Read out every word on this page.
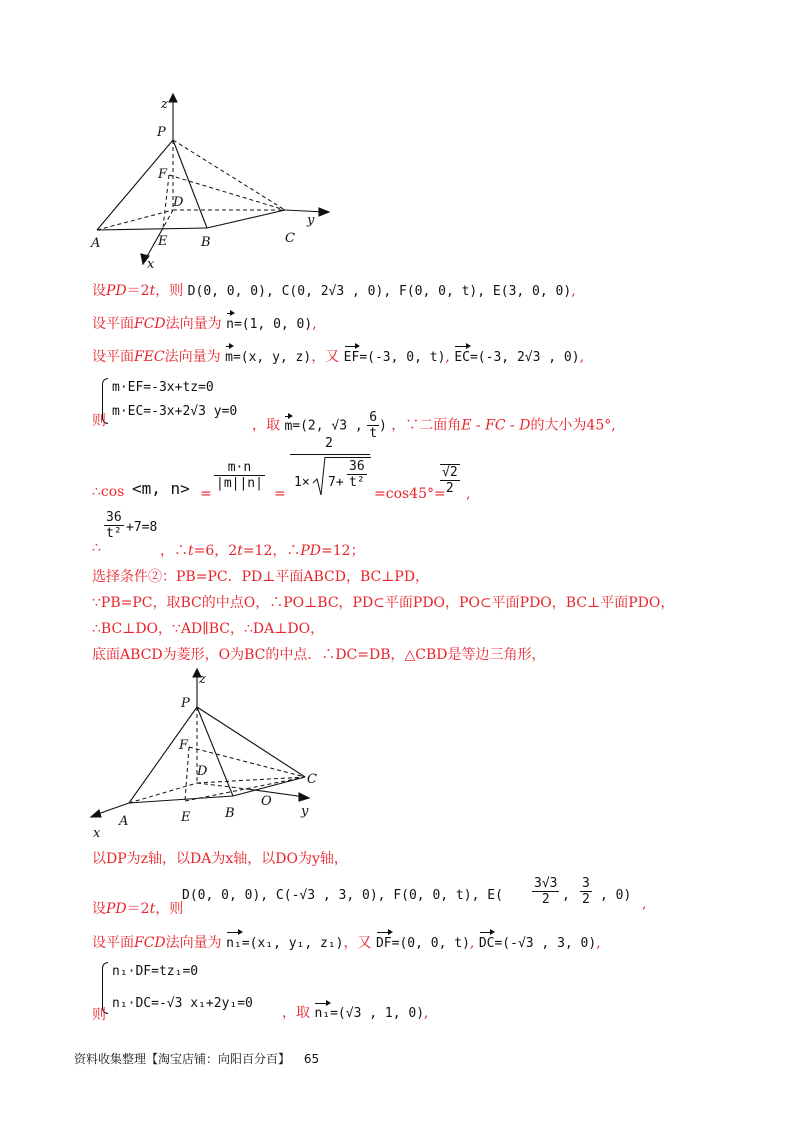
z
P
F
D
y
A	E	B	C
x
设PD＝2t，则 D(0, 0, 0), C(0, 2√3 , 0), F(0, 0, t), E(3, 0, 0),
设平面FCD法向量为 n=(1, 0, 0),
设平面FEC法向量为 m=(x, y, z)，又 EF=(-3, 0, t), EC=(-3, 2√3 , 0),
m·EF=-3x+tz=0
m·EC=-3x+2√3 y=0
则	，取 m=(2, √3 , $\frac{6}{t}$ ) ，∵二面角E - FC - D的大小为45°,
∴cos <m, n> =
$\frac{m\cdot n}{|m||n|}$
=
2
$1\times 7+ \frac{36}{\text{t²}}$
=cos45°=
$\frac{√2}{2}$ ,
$\frac{36}{\text{t²}} +7=8$
∴	，∴t=6，2t=12，∴PD=12；
选择条件②：PB=PC．PD⊥平面ABCD，BC⊥PD，
∵PB=PC，取BC的中点O，∴PO⊥BC，PD⊂平面PDO，PO⊂平面PDO，BC⊥平面PDO，
∴BC⊥DO，∵AD∥BC，∴DA⊥DO，
底面ABCD为菱形，O为BC的中点．∴DC=DB，△CBD是等边三角形，
z
P
F
D
C
O
y
A	E	B
x
以DP为z轴，以DA为x轴，以DO为y轴，
设PD＝2t，则
D(0, 0, 0), C(-√3 , 3, 0), F(0, 0, t), $E( \frac{3√3}{2}$ , $\frac{3}{2}$ , 0)
,
设平面FCD法向量为 n₁=(x₁, y₁, z₁)，又 DF=(0, 0, t), DC=(-√3 , 3, 0),
n₁·DF=tz₁=0
n₁·DC=-√3 x₁+2y₁=0
则	，取 n₁=(√3 , 1, 0),
资料收集整理【淘宝店铺：向阳百分百】 65
